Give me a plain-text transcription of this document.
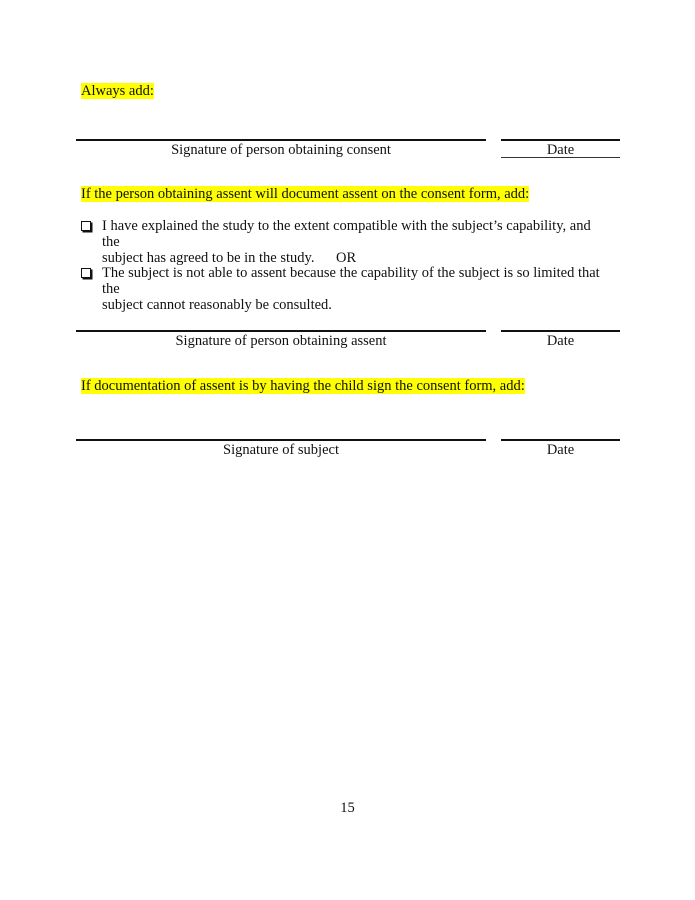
Always add:
Signature of person obtaining consent	Date
If the person obtaining assent will document assent on the consent form, add:
I have explained the study to the extent compatible with the subject’s capability, and the
subject has agreed to be in the study.	OR
The subject is not able to assent because the capability of the subject is so limited that the
subject cannot reasonably be consulted.
Signature of person obtaining assent	Date
If documentation of assent is by having the child sign the consent form, add:
Signature of subject	Date
15
